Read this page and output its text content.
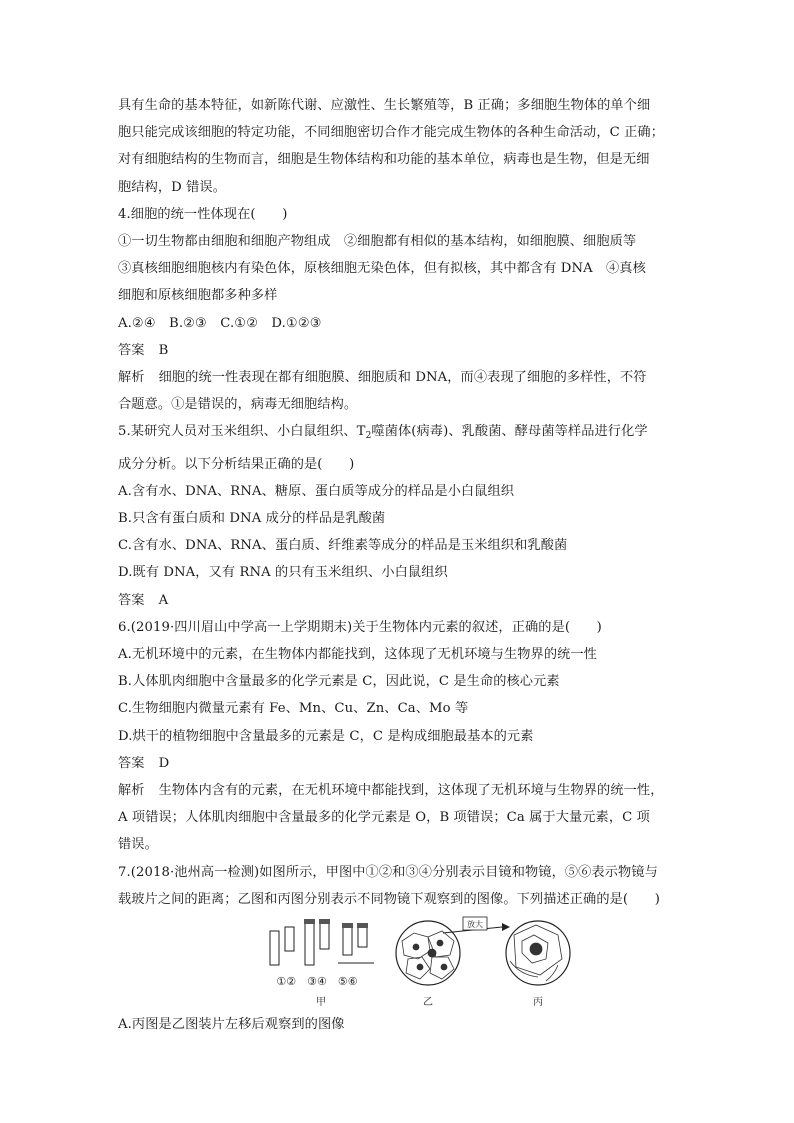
具有生命的基本特征，如新陈代谢、应激性、生长繁殖等，B 正确；多细胞生物体的单个细
胞只能完成该细胞的特定功能，不同细胞密切合作才能完成生物体的各种生命活动，C 正确；
对有细胞结构的生物而言，细胞是生物体结构和功能的基本单位，病毒也是生物，但是无细
胞结构，D 错误。
4.细胞的统一性体现在(　　)
①一切生物都由细胞和细胞产物组成　②细胞都有相似的基本结构，如细胞膜、细胞质等
③真核细胞细胞核内有染色体，原核细胞无染色体，但有拟核，其中都含有 DNA　④真核
细胞和原核细胞都多种多样
A.②④　B.②③　C.①②　D.①②③
答案 B
解析 细胞的统一性表现在都有细胞膜、细胞质和 DNA，而④表现了细胞的多样性，不符
合题意。①是错误的，病毒无细胞结构。
5.某研究人员对玉米组织、小白鼠组织、$T_2$噬菌体(病毒)、乳酸菌、酵母菌等样品进行化学
成分分析。以下分析结果正确的是(　　)
A.含有水、DNA、RNA、糖原、蛋白质等成分的样品是小白鼠组织
B.只含有蛋白质和 DNA 成分的样品是乳酸菌
C.含有水、DNA、RNA、蛋白质、纤维素等成分的样品是玉米组织和乳酸菌
D.既有 DNA，又有 RNA 的只有玉米组织、小白鼠组织
答案 A
6.(2019·四川眉山中学高一上学期期末)关于生物体内元素的叙述，正确的是(　　)
A.无机环境中的元素，在生物体内都能找到，这体现了无机环境与生物界的统一性
B.人体肌肉细胞中含量最多的化学元素是 C，因此说，C 是生命的核心元素
C.生物细胞内微量元素有 Fe、Mn、Cu、Zn、Ca、Mo 等
D.烘干的植物细胞中含量最多的元素是 C，C 是构成细胞最基本的元素
答案 D
解析 生物体内含有的元素，在无机环境中都能找到，这体现了无机环境与生物界的统一性，
A 项错误；人体肌肉细胞中含量最多的化学元素是 O，B 项错误；Ca 属于大量元素，C 项
错误。
7.(2018·池州高一检测)如图所示，甲图中①②和③④分别表示目镜和物镜，⑤⑥表示物镜与
载玻片之间的距离；乙图和丙图分别表示不同物镜下观察到的图像。下列描述正确的是(　　)
放大
①②　③④　⑤⑥
甲	乙	丙
A.丙图是乙图装片左移后观察到的图像
